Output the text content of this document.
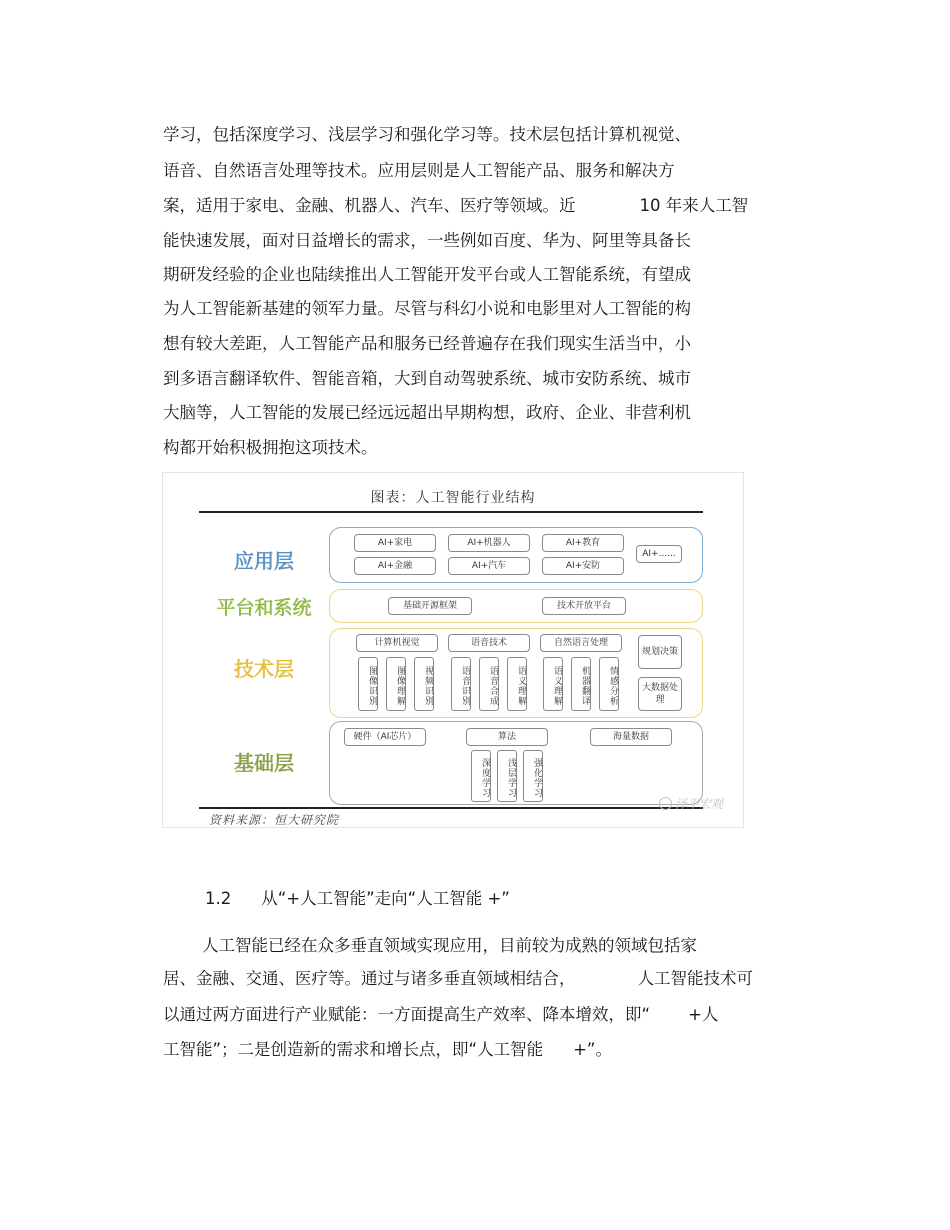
学习，包括深度学习、浅层学习和强化学习等。技术层包括计算机视觉、
语音、自然语言处理等技术。应用层则是人工智能产品、服务和解决方
案，适用于家电、金融、机器人、汽车、医疗等领域。近	10 年来人工智
能快速发展，面对日益增长的需求，一些例如百度、华为、阿里等具备长
期研发经验的企业也陆续推出人工智能开发平台或人工智能系统，有望成
为人工智能新基建的领军力量。尽管与科幻小说和电影里对人工智能的构
想有较大差距，人工智能产品和服务已经普遍存在我们现实生活当中，小
到多语言翻译软件、智能音箱，大到自动驾驶系统、城市安防系统、城市
大脑等，人工智能的发展已经远远超出早期构想，政府、企业、非营利机
构都开始积极拥抱这项技术。
图表：人工智能行业结构
应用层
AI+家电	AI+机器人	AI+教育
AI+金融	AI+汽车	AI+安防
AI+......
平台和系统	基础开源框架	技术开放平台
技术层
计算机视觉	语音技术	自然语言处理
图像识别	图像理解	视频识别	语音识别	语音合成	语义理解	语义理解	机器翻译	情感分析
规划决策
大数据处理
基础层
硬件（AI芯片）	算法	海量数据
深度学习	浅层学习	强化学习
泽平宏观
资料来源：恒大研究院
1.2 从“+人工智能”走向“人工智能 +”
人工智能已经在众多垂直领域实现应用，目前较为成熟的领域包括家
居、金融、交通、医疗等。通过与诸多垂直领域相结合，	人工智能技术可
以通过两方面进行产业赋能：一方面提高生产效率、降本增效，即“ +人
工智能”；二是创造新的需求和增长点，即“人工智能 +”。
